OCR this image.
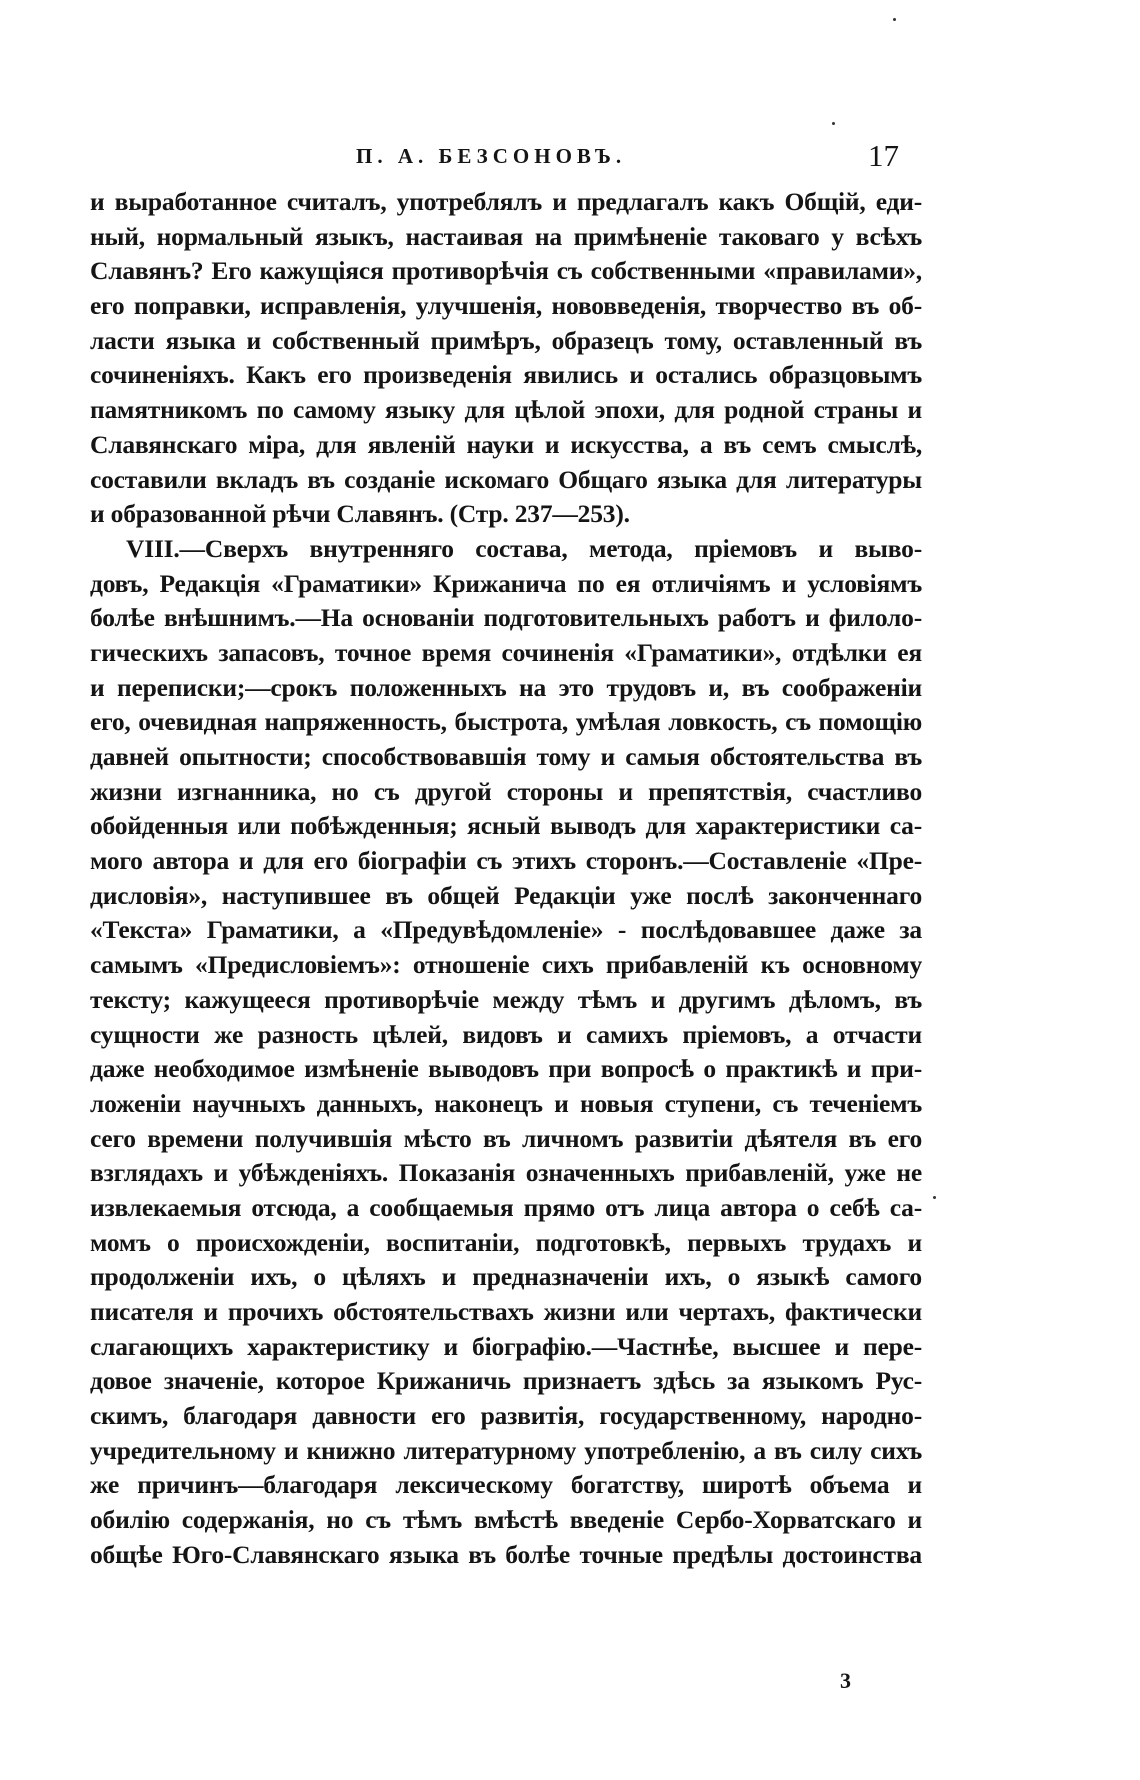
П. А. БЕЗСОНОВЪ.	17
и выработанное считалъ, употреблялъ и предлагалъ какъ Общій, еди-
ный, нормальный языкъ, настаивая на примѣненіе таковаго у всѣхъ
Славянъ? Его кажущіяся противорѣчія съ собственными «правилами»,
его поправки, исправленія, улучшенія, нововведенія, творчество въ об-
ласти языка и собственный примѣръ, образецъ тому, оставленный въ
сочиненіяхъ. Какъ его произведенія явились и остались образцовымъ
памятникомъ по самому языку для цѣлой эпохи, для родной страны и
Славянскаго міра, для явленій науки и искусства, а въ семъ смыслѣ,
составили вкладъ въ созданіе искомаго Общаго языка для литературы
и образованной рѣчи Славянъ. (Стр. 237—253).
VIII.—Сверхъ внутренняго состава, метода, пріемовъ и выво-
довъ, Редакція «Граматики» Крижанича по ея отличіямъ и условіямъ
болѣе внѣшнимъ.—На основаніи подготовительныхъ работъ и филоло-
гическихъ запасовъ, точное время сочиненія «Граматики», отдѣлки ея
и переписки;—срокъ положенныхъ на это трудовъ и, въ соображеніи
его, очевидная напряженность, быстрота, умѣлая ловкость, съ помощію
давней опытности; способствовавшія тому и самыя обстоятельства въ
жизни изгнанника, но съ другой стороны и препятствія, счастливо
обойденныя или побѣжденныя; ясный выводъ для характеристики са-
мого автора и для его біографіи съ этихъ сторонъ.—Составленіе «Пре-
дисловія», наступившее въ общей Редакціи уже послѣ законченнаго
«Текста» Граматики, а «Предувѣдомленіе» - послѣдовавшее даже за
самымъ «Предисловіемъ»: отношеніе сихъ прибавленій къ основному
тексту; кажущееся противорѣчіе между тѣмъ и другимъ дѣломъ, въ
сущности же разность цѣлей, видовъ и самихъ пріемовъ, а отчасти
даже необходимое измѣненіе выводовъ при вопросѣ о практикѣ и при-
ложеніи научныхъ данныхъ, наконецъ и новыя ступени, съ теченіемъ
сего времени получившія мѣсто въ личномъ развитіи дѣятеля въ его
взглядахъ и убѣжденіяхъ. Показанія означенныхъ прибавленій, уже не
извлекаемыя отсюда, а сообщаемыя прямо отъ лица автора о себѣ са-
момъ о происхожденіи, воспитаніи, подготовкѣ, первыхъ трудахъ и
продолженіи ихъ, о цѣляхъ и предназначеніи ихъ, о языкѣ самого
писателя и прочихъ обстоятельствахъ жизни или чертахъ, фактически
слагающихъ характеристику и біографію.—Частнѣе, высшее и пере-
довое значеніе, которое Крижаничь признаетъ здѣсь за языкомъ Рус-
скимъ, благодаря давности его развитія, государственному, народно-
учредительному и книжно литературному употребленію, а въ силу сихъ
же причинъ—благодаря лексическому богатству, широтѣ объема и
обилію содержанія, но съ тѣмъ вмѣстѣ введеніе Сербо-Хорватскаго и
общѣе Юго-Славянскаго языка въ болѣе точные предѣлы достоинства
3
